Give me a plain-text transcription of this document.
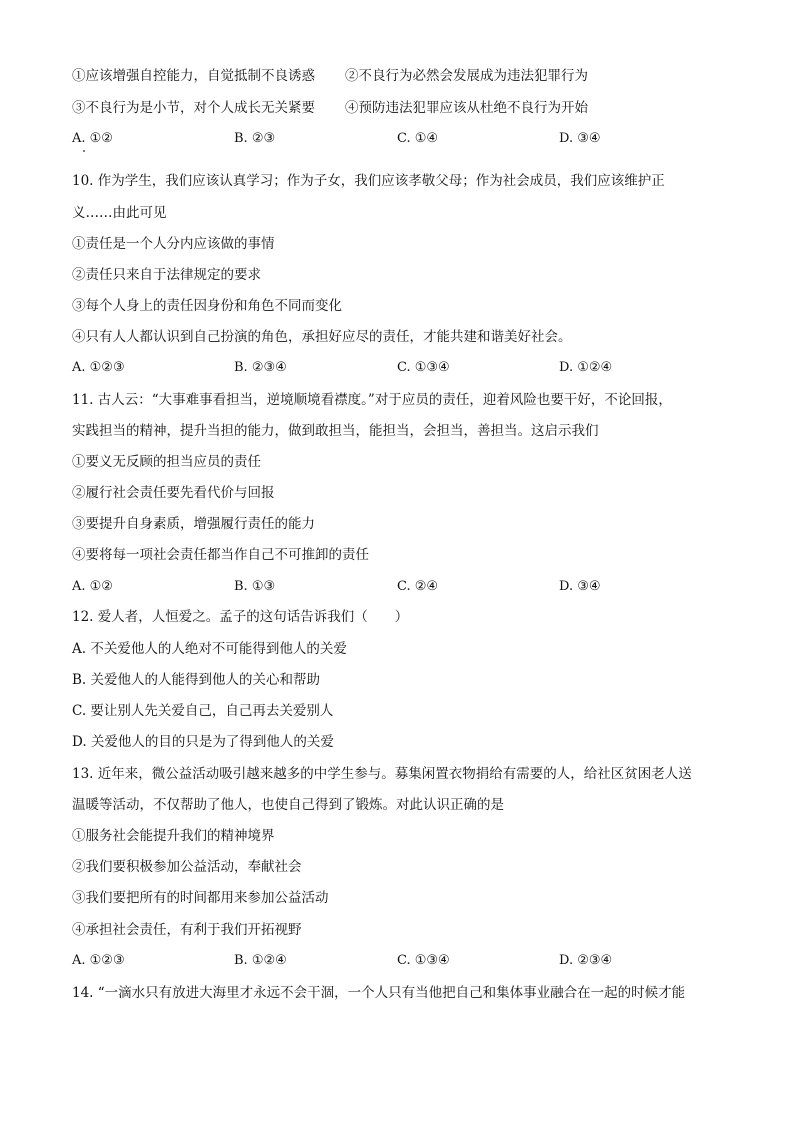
①应该增强自控能力，自觉抵制不良诱惑 ②不良行为必然会发展成为违法犯罪行为
③不良行为是小节，对个人成长无关紧要 ④预防违法犯罪应该从杜绝不良行为开始
A. ①②	B. ②③	C. ①④	D. ③④
10. 作为学生，我们应该认真学习；作为子女，我们应该孝敬父母；作为社会成员，我们应该维护正
义……由此可见
①责任是一个人分内应该做的事情
②责任只来自于法律规定的要求
③每个人身上的责任因身份和角色不同而变化
④只有人人都认识到自己扮演的角色，承担好应尽的责任，才能共建和谐美好社会。
A. ①②③	B. ②③④	C. ①③④	D. ①②④
11. 古人云：“大事难事看担当，逆境顺境看襟度。”对于应员的责任，迎着风险也要干好，不论回报，
实践担当的精神，提升当担的能力，做到敢担当，能担当，会担当，善担当。这启示我们
①要义无反顾的担当应员的责任
②履行社会责任要先看代价与回报
③要提升自身素质，增强履行责任的能力
④要将每一项社会责任都当作自己不可推卸的责任
A. ①②	B. ①③	C. ②④	D. ③④
12. 爱人者，人恒爱之。孟子的这句话告诉我们（　　）
A. 不关爱他人的人绝对不可能得到他人的关爱
B. 关爱他人的人能得到他人的关心和帮助
C. 要让别人先关爱自己，自己再去关爱别人
D. 关爱他人的目的只是为了得到他人的关爱
13. 近年来，微公益活动吸引越来越多的中学生参与。募集闲置衣物捐给有需要的人，给社区贫困老人送
温暖等活动，不仅帮助了他人，也使自己得到了锻炼。对此认识正确的是
①服务社会能提升我们的精神境界
②我们要积极参加公益活动，奉献社会
③我们要把所有的时间都用来参加公益活动
④承担社会责任，有利于我们开拓视野
A. ①②③	B. ①②④	C. ①③④	D. ②③④
14. “一滴水只有放进大海里才永远不会干涸，一个人只有当他把自己和集体事业融合在一起的时候才能
